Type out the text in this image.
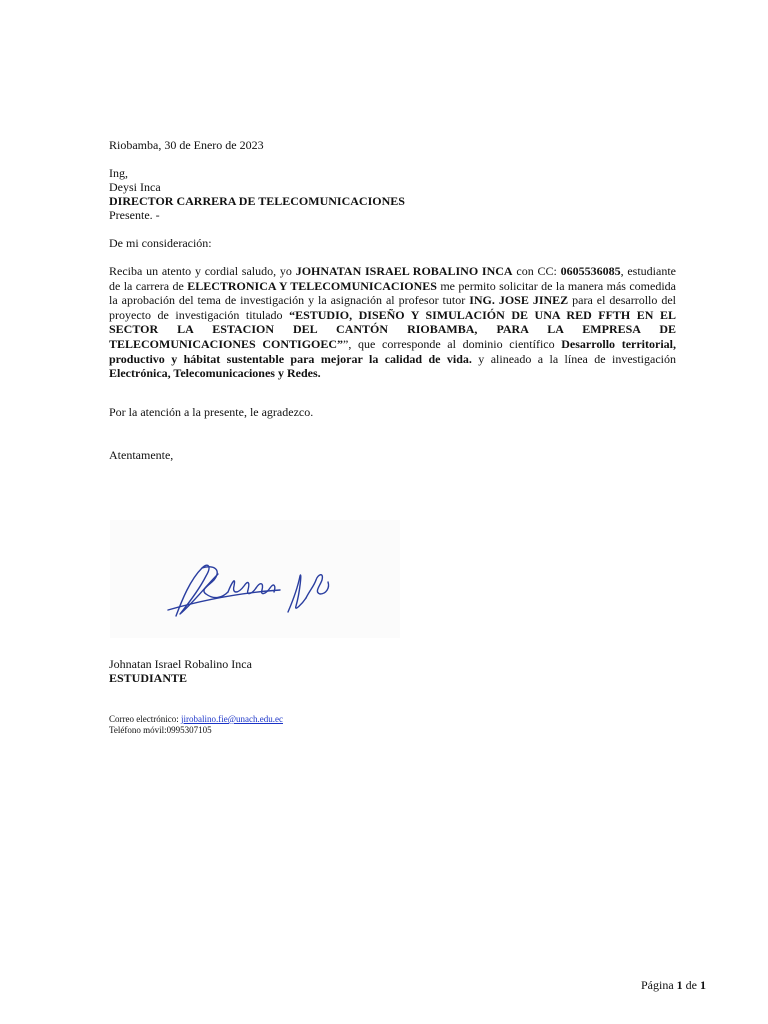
Riobamba, 30 de Enero de 2023
Ing,
Deysi Inca
DIRECTOR CARRERA DE TELECOMUNICACIONES
Presente. -
De mi consideración:
Reciba un atento y cordial saludo, yo JOHNATAN ISRAEL ROBALINO INCA con CC: 0605536085, estudiante de la carrera de ELECTRONICA Y TELECOMUNICACIONES me permito solicitar de la manera más comedida la aprobación del tema de investigación y la asignación al profesor tutor ING. JOSE JINEZ para el desarrollo del proyecto de investigación titulado “ESTUDIO, DISEÑO Y SIMULACIÓN DE UNA RED FFTH EN EL SECTOR LA ESTACION DEL CANTÓN RIOBAMBA, PARA LA EMPRESA DE TELECOMUNICACIONES CONTIGOEC””, que corresponde al dominio científico Desarrollo territorial, productivo y hábitat sustentable para mejorar la calidad de vida. y alineado a la línea de investigación Electrónica, Telecomunicaciones y Redes.
Por la atención a la presente, le agradezco.
Atentamente,
Johnatan Israel Robalino Inca
ESTUDIANTE
Correo electrónico: jirobalino.fie@unach.edu.ec
Teléfono móvil:0995307105
Página 1 de 1
